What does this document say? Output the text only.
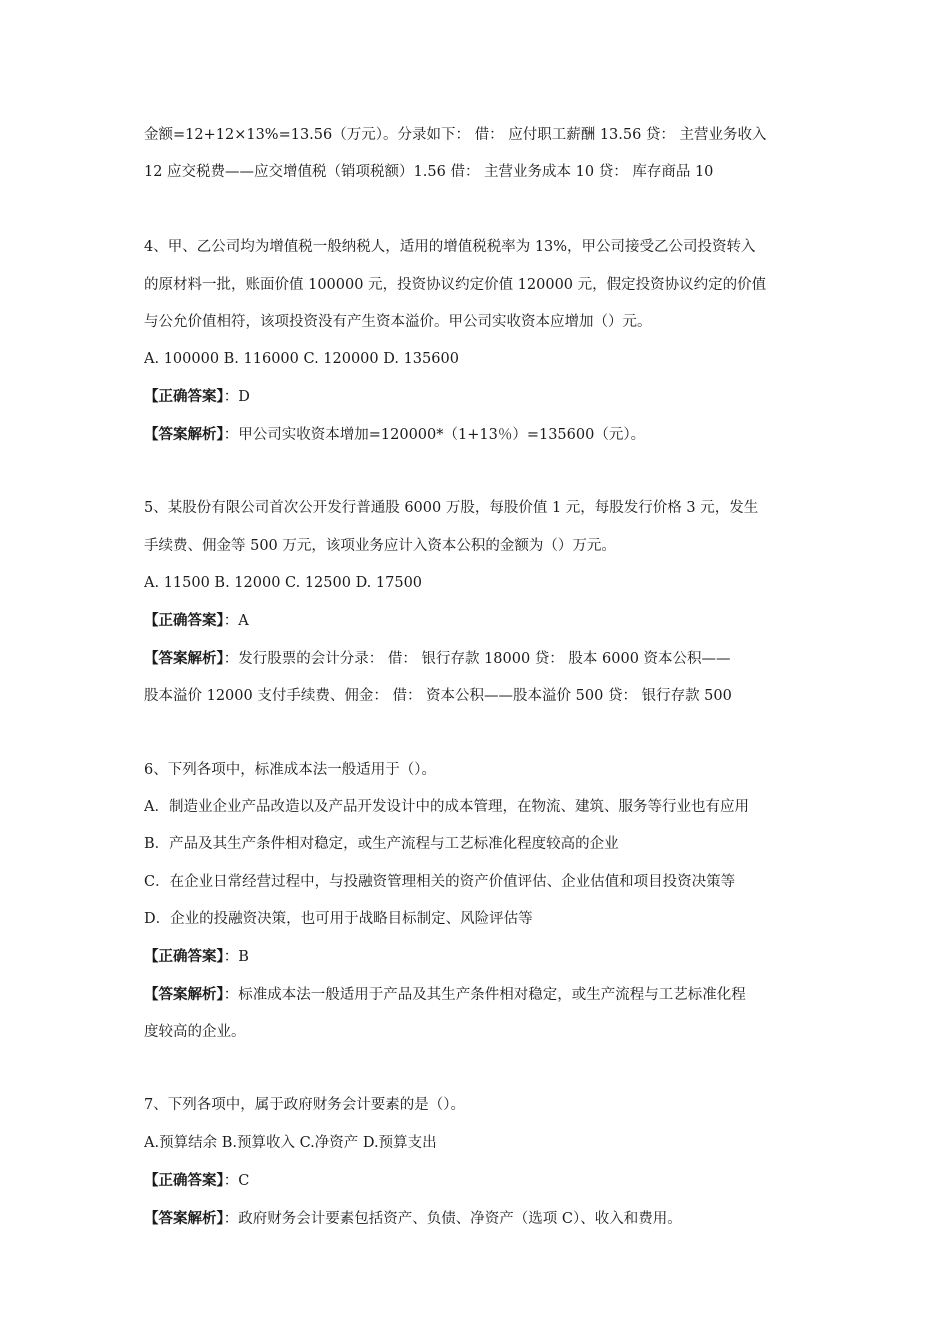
金额=12+12×13%=13.56（万元）。分录如下： 借： 应付职工薪酬 13.56 贷： 主营业务收入
12 应交税费——应交增值税（销项税额）1.56 借： 主营业务成本 10 贷： 库存商品 10
4、甲、乙公司均为增值税一般纳税人，适用的增值税税率为 13%，甲公司接受乙公司投资转入
的原材料一批，账面价值 100000 元，投资协议约定价值 120000 元，假定投资协议约定的价值
与公允价值相符，该项投资没有产生资本溢价。甲公司实收资本应增加（）元。
A. 100000 B. 116000 C. 120000 D. 135600
【正确答案】：D
【答案解析】：甲公司实收资本增加=120000*（1+13％）=135600（元）。
5、某股份有限公司首次公开发行普通股 6000 万股，每股价值 1 元，每股发行价格 3 元，发生
手续费、佣金等 500 万元，该项业务应计入资本公积的金额为（）万元。
A. 11500 B. 12000 C. 12500 D. 17500
【正确答案】：A
【答案解析】：发行股票的会计分录： 借： 银行存款 18000 贷： 股本 6000 资本公积——
股本溢价 12000 支付手续费、佣金： 借： 资本公积——股本溢价 500 贷： 银行存款 500
6、下列各项中，标准成本法一般适用于（）。
A．制造业企业产品改造以及产品开发设计中的成本管理，在物流、建筑、服务等行业也有应用
B．产品及其生产条件相对稳定，或生产流程与工艺标准化程度较高的企业
C．在企业日常经营过程中，与投融资管理相关的资产价值评估、企业估值和项目投资决策等
D．企业的投融资决策，也可用于战略目标制定、风险评估等
【正确答案】：B
【答案解析】：标准成本法一般适用于产品及其生产条件相对稳定，或生产流程与工艺标准化程
度较高的企业。
7、下列各项中，属于政府财务会计要素的是（）。
A.预算结余 B.预算收入 C.净资产 D.预算支出
【正确答案】：C
【答案解析】：政府财务会计要素包括资产、负债、净资产（选项 C）、收入和费用。
